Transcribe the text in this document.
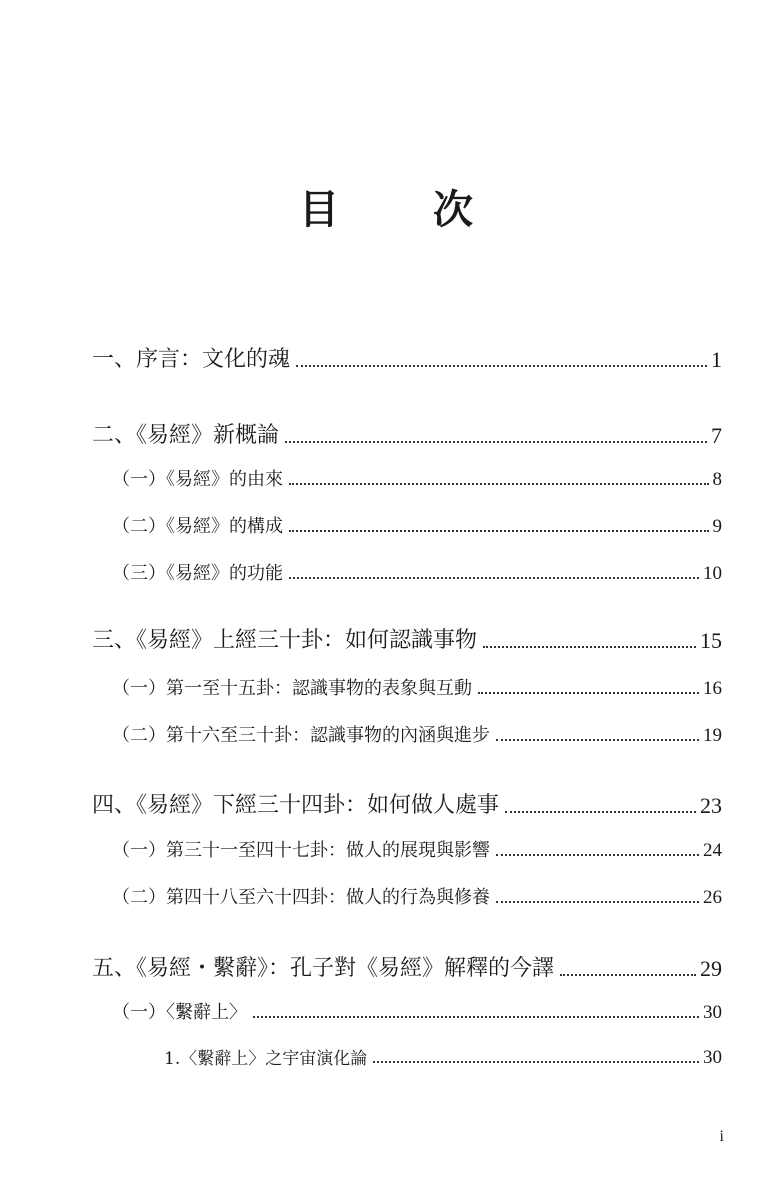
目 次
一、序言：文化的魂	1
二、《易經》新概論	7
（一）《易經》的由來	8
（二）《易經》的構成	9
（三）《易經》的功能	10
三、《易經》上經三十卦：如何認識事物	15
（一）第一至十五卦：認識事物的表象與互動	16
（二）第十六至三十卦：認識事物的內涵與進步	19
四、《易經》下經三十四卦：如何做人處事	23
（一）第三十一至四十七卦：做人的展現與影響	24
（二）第四十八至六十四卦：做人的行為與修養	26
五、《易經・繫辭》：孔子對《易經》解釋的今譯	29
（一）〈繫辭上〉	30
1.〈繫辭上〉之宇宙演化論	30
i
